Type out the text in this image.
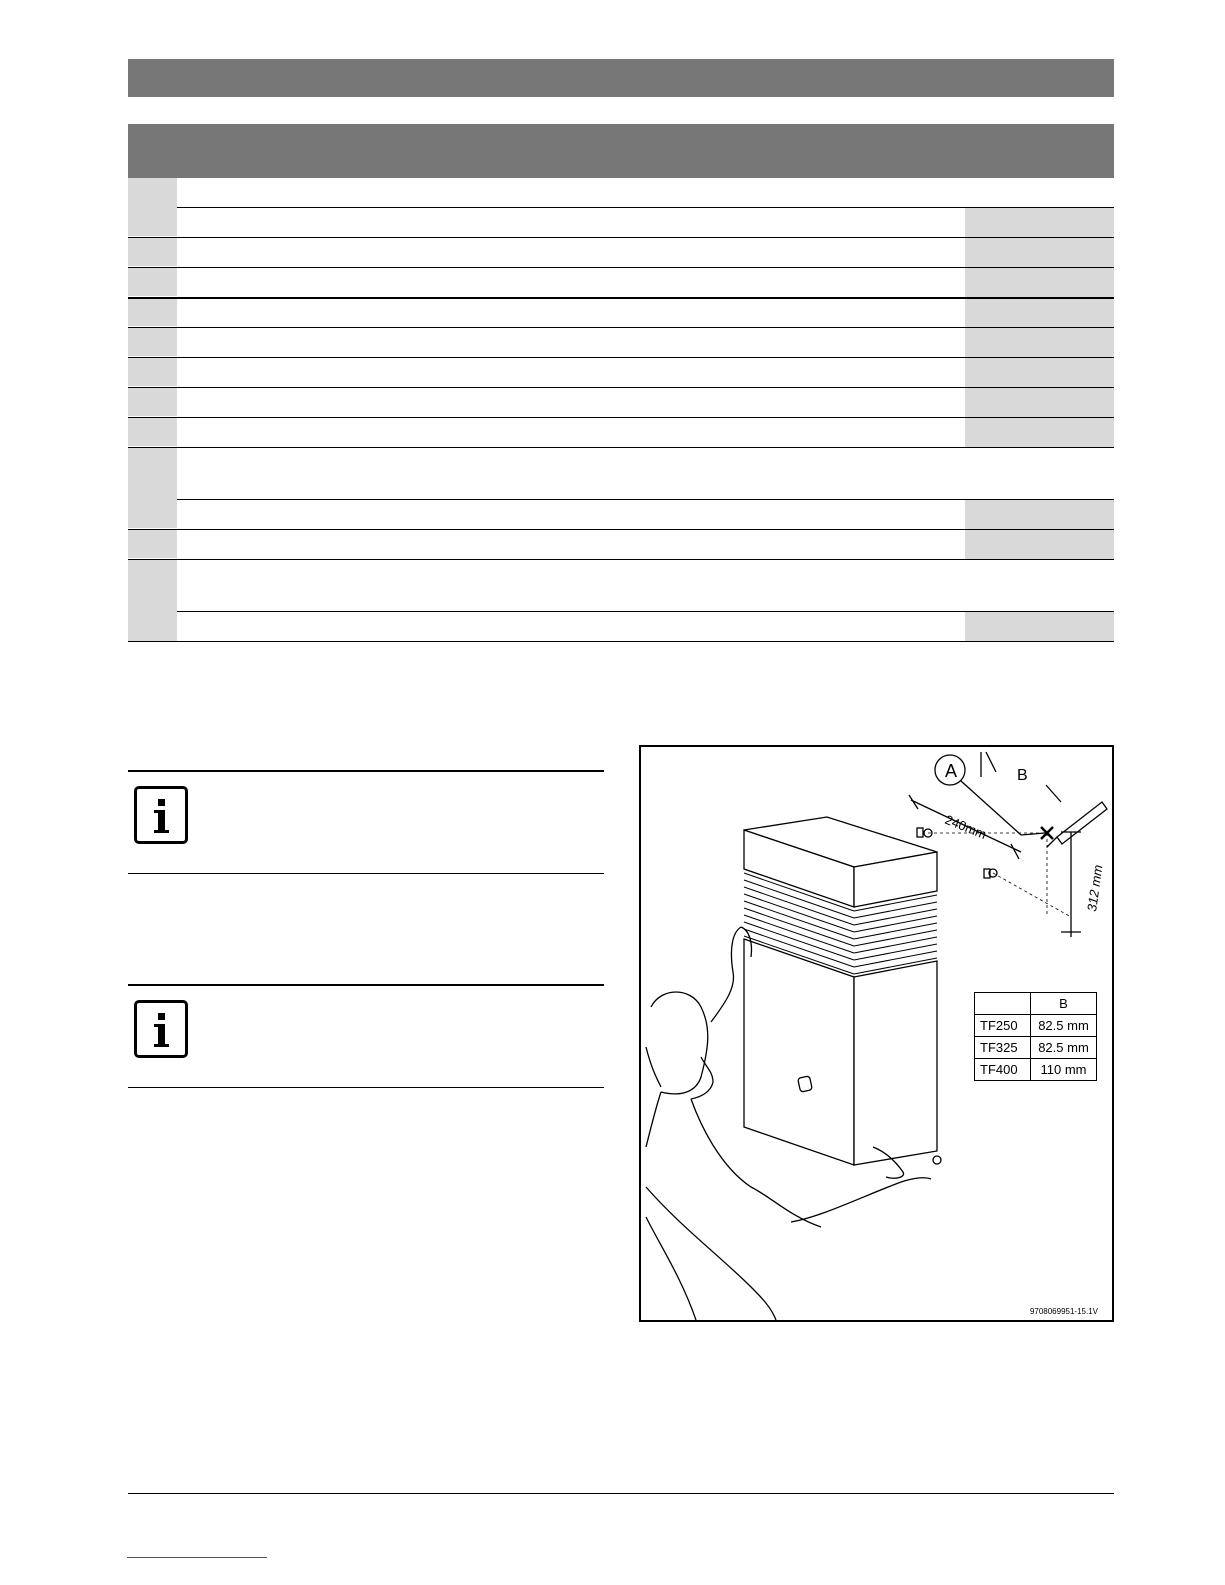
A	B
240mm
312 mm
	B
TF250	82.5 mm
TF325	82.5 mm
TF400	110 mm
9708069951-15.1V
